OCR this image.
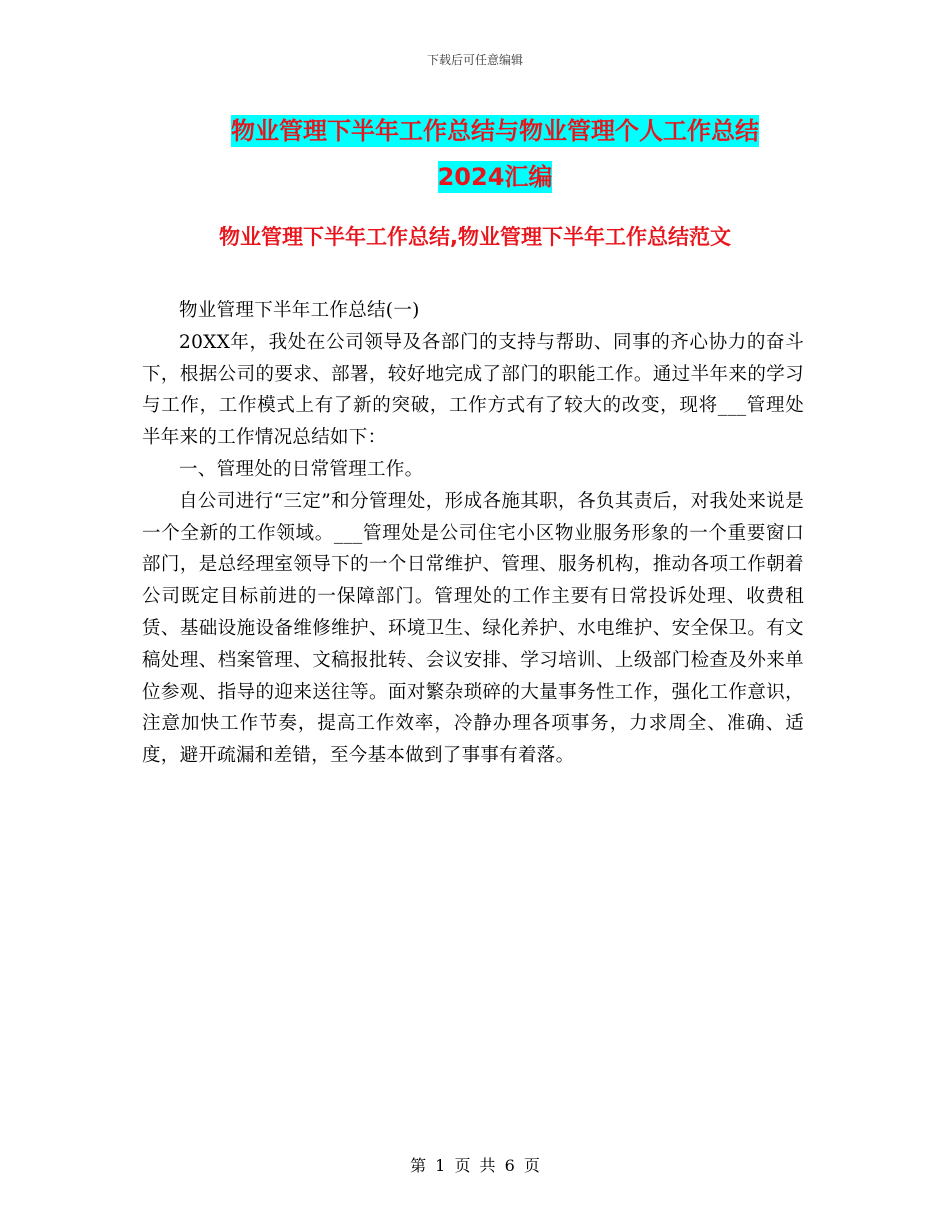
下载后可任意编辑
物业管理下半年工作总结与物业管理个人工作总结
2024汇编
物业管理下半年工作总结,物业管理下半年工作总结范文

物业管理下半年工作总结(一)

20XX年，我处在公司领导及各部门的支持与帮助、同事的齐心协力的奋斗下，根据公司的要求、部署，较好地完成了部门的职能工作。通过半年来的学习与工作，工作模式上有了新的突破，工作方式有了较大的改变，现将___管理处半年来的工作情况总结如下：

一、管理处的日常管理工作。

自公司进行“三定”和分管理处，形成各施其职，各负其责后，对我处来说是一个全新的工作领域。___管理处是公司住宅小区物业服务形象的一个重要窗口部门，是总经理室领导下的一个日常维护、管理、服务机构，推动各项工作朝着公司既定目标前进的一保障部门。管理处的工作主要有日常投诉处理、收费租赁、基础设施设备维修维护、环境卫生、绿化养护、水电维护、安全保卫。有文稿处理、档案管理、文稿报批转、会议安排、学习培训、上级部门检查及外来单位参观、指导的迎来送往等。面对繁杂琐碎的大量事务性工作，强化工作意识，注意加快工作节奏，提高工作效率，冷静办理各项事务，力求周全、准确、适度，避开疏漏和差错，至今基本做到了事事有着落。

第 1 页 共 6 页
